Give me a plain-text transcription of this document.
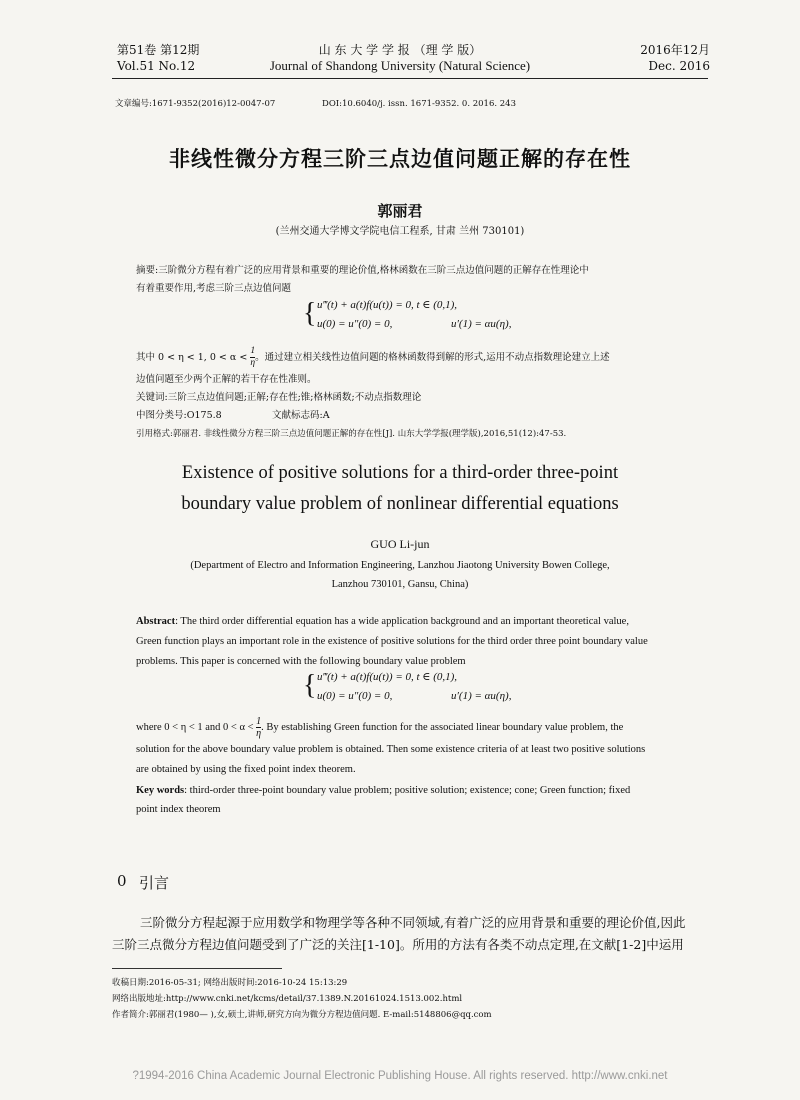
第51卷 第12期
Vol.51 No.12
山 东 大 学 学 报 （理 学 版）
Journal of Shandong University (Natural Science)
2016年12月
Dec. 2016
文章编号:1671-9352(2016)12-0047-07	DOI:10.6040/j. issn. 1671-9352. 0. 2016. 243
非线性微分方程三阶三点边值问题正解的存在性
郭丽君
(兰州交通大学博文学院电信工程系, 甘肃 兰州 730101)
摘要:三阶微分方程有着广泛的应用背景和重要的理论价值,格林函数在三阶三点边值问题的正解存在性理论中
有着重要作用,考虑三阶三点边值问题
{ u‴(t) + a(t)f(u(t)) = 0, t ∈ (0,1),
u(0) = u″(0) = 0,	u′(1) = αu(η),
其中 0 < η < 1, $0 < \alpha < \frac{1}{\eta}$ 。通过建立相关线性边值问题的格林函数得到解的形式,运用不动点指数理论建立上述
边值问题至少两个正解的若干存在性准则。
关键词:三阶三点边值问题;正解;存在性;锥;格林函数;不动点指数理论
中图分类号:O175.8	文献标志码:A
引用格式:郭丽君. 非线性微分方程三阶三点边值问题正解的存在性[J]. 山东大学学报(理学版),2016,51(12):47-53.
Existence of positive solutions for a third-order three-point
boundary value problem of nonlinear differential equations
GUO Li-jun
(Department of Electro and Information Engineering, Lanzhou Jiaotong University Bowen College,
Lanzhou 730101, Gansu, China)
Abstract: The third order differential equation has a wide application background and an important theoretical value,
Green function plays an important role in the existence of positive solutions for the third order three point boundary value
problems. This paper is concerned with the following boundary value problem
{ u‴(t) + a(t)f(u(t)) = 0, t ∈ (0,1),
u(0) = u″(0) = 0,	u′(1) = αu(η),
where 0 < η < 1 and $0 < \alpha < \frac{1}{\eta}$ . By establishing Green function for the associated linear boundary value problem, the
solution for the above boundary value problem is obtained. Then some existence criteria of at least two positive solutions
are obtained by using the fixed point index theorem.
Key words: third-order three-point boundary value problem; positive solution; existence; cone; Green function; fixed
point index theorem
0 引言
三阶微分方程起源于应用数学和物理学等各种不同领域,有着广泛的应用背景和重要的理论价值,因此
三阶三点微分方程边值问题受到了广泛的关注[1-10]。所用的方法有各类不动点定理,在文献[1-2]中运用
收稿日期:2016-05-31; 网络出版时间:2016-10-24 15:13:29
网络出版地址:http://www.cnki.net/kcms/detail/37.1389.N.20161024.1513.002.html
作者简介:郭丽君(1980— ),女,硕士,讲师,研究方向为微分方程边值问题. E-mail:5148806@qq.com
?1994-2016 China Academic Journal Electronic Publishing House. All rights reserved. http://www.cnki.net
